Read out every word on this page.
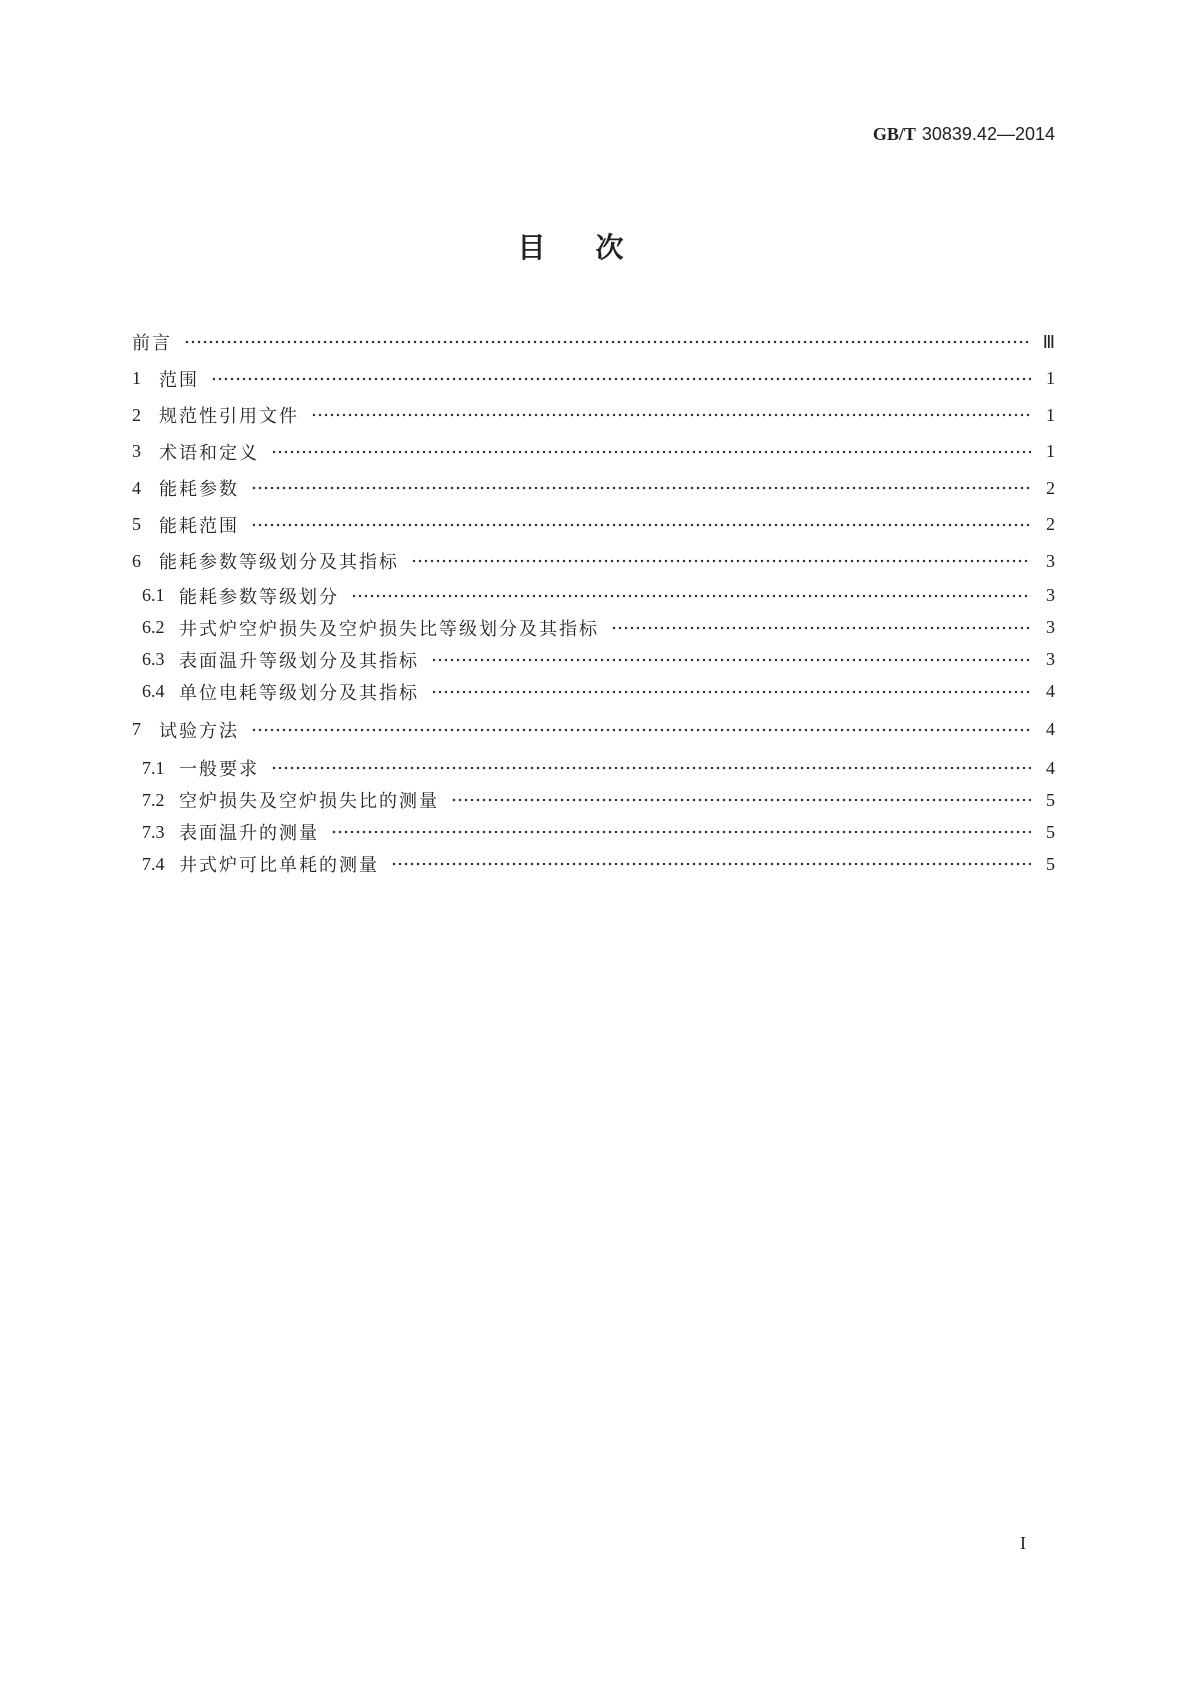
GB/T 30839.42—2014
目次
前言	Ⅲ
1	范围	1
2	规范性引用文件	1
3	术语和定义	1
4	能耗参数	2
5	能耗范围	2
6	能耗参数等级划分及其指标	3
6.1 能耗参数等级划分	3
6.2 井式炉空炉损失及空炉损失比等级划分及其指标	3
6.3 表面温升等级划分及其指标	3
6.4 单位电耗等级划分及其指标	4
7	试验方法	4
7.1 一般要求	4
7.2 空炉损失及空炉损失比的测量	5
7.3 表面温升的测量	5
7.4 井式炉可比单耗的测量	5
I
